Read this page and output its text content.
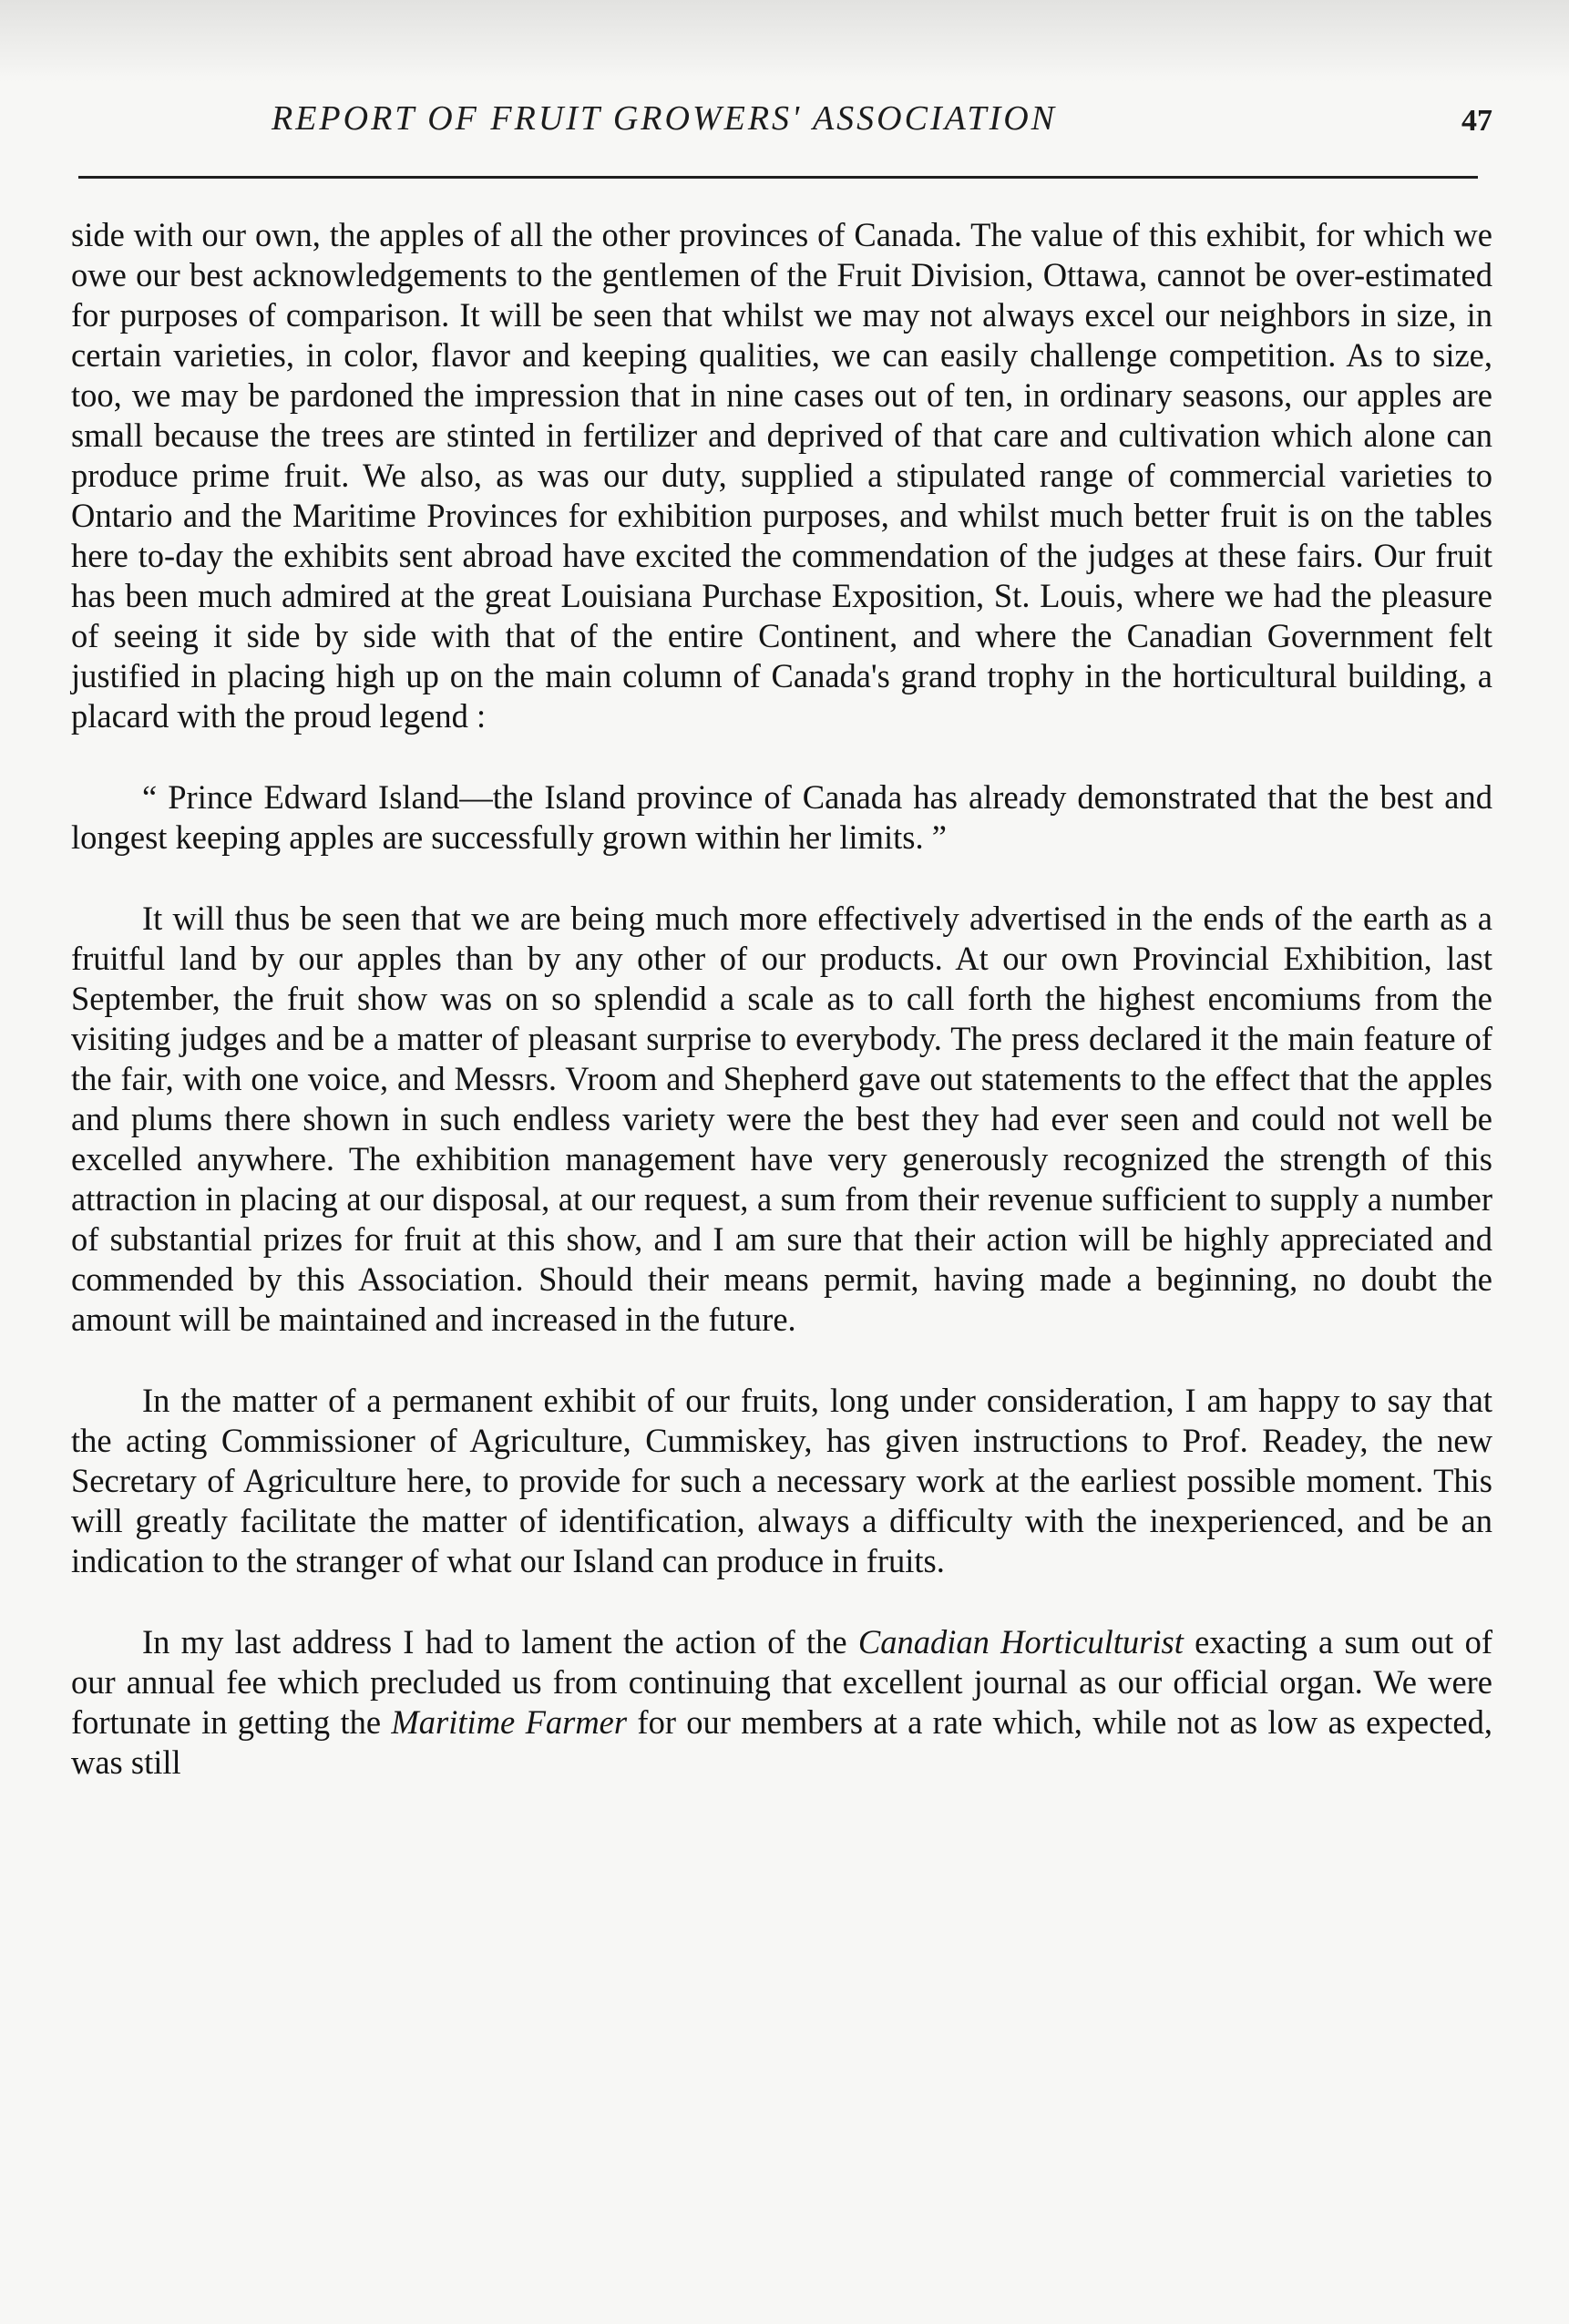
REPORT OF FRUIT GROWERS' ASSOCIATION	47

side with our own, the apples of all the other provinces of Canada. The value of this exhibit, for which we owe our best acknowledgements to the gentlemen of the Fruit Division, Ottawa, cannot be over-estimated for purposes of comparison. It will be seen that whilst we may not always excel our neighbors in size, in certain varieties, in color, flavor and keeping qualities, we can easily challenge competition. As to size, too, we may be pardoned the impression that in nine cases out of ten, in ordinary seasons, our apples are small because the trees are stinted in fertilizer and deprived of that care and cultivation which alone can produce prime fruit. We also, as was our duty, supplied a stipulated range of commercial varieties to Ontario and the Maritime Provinces for exhibition purposes, and whilst much better fruit is on the tables here to-day the exhibits sent abroad have excited the commendation of the judges at these fairs. Our fruit has been much admired at the great Louisiana Purchase Exposition, St. Louis, where we had the pleasure of seeing it side by side with that of the entire Continent, and where the Canadian Government felt justified in placing high up on the main column of Canada's grand trophy in the horticultural building, a placard with the proud legend :

“ Prince Edward Island—the Island province of Canada has already demonstrated that the best and longest keeping apples are successfully grown within her limits. ”

It will thus be seen that we are being much more effectively advertised in the ends of the earth as a fruitful land by our apples than by any other of our products. At our own Provincial Exhibition, last September, the fruit show was on so splendid a scale as to call forth the highest encomiums from the visiting judges and be a matter of pleasant surprise to everybody. The press declared it the main feature of the fair, with one voice, and Messrs. Vroom and Shepherd gave out statements to the effect that the apples and plums there shown in such endless variety were the best they had ever seen and could not well be excelled anywhere. The exhibition management have very generously recognized the strength of this attraction in placing at our disposal, at our request, a sum from their revenue sufficient to supply a number of substantial prizes for fruit at this show, and I am sure that their action will be highly appreciated and commended by this Association. Should their means permit, having made a beginning, no doubt the amount will be maintained and increased in the future.

In the matter of a permanent exhibit of our fruits, long under consideration, I am happy to say that the acting Commissioner of Agriculture, Cummiskey, has given instructions to Prof. Readey, the new Secretary of Agriculture here, to provide for such a necessary work at the earliest possible moment. This will greatly facilitate the matter of identification, always a difficulty with the inexperienced, and be an indication to the stranger of what our Island can produce in fruits.

In my last address I had to lament the action of the Canadian Horticulturist exacting a sum out of our annual fee which precluded us from continuing that excellent journal as our official organ. We were fortunate in getting the Maritime Farmer for our members at a rate which, while not as low as expected, was still
